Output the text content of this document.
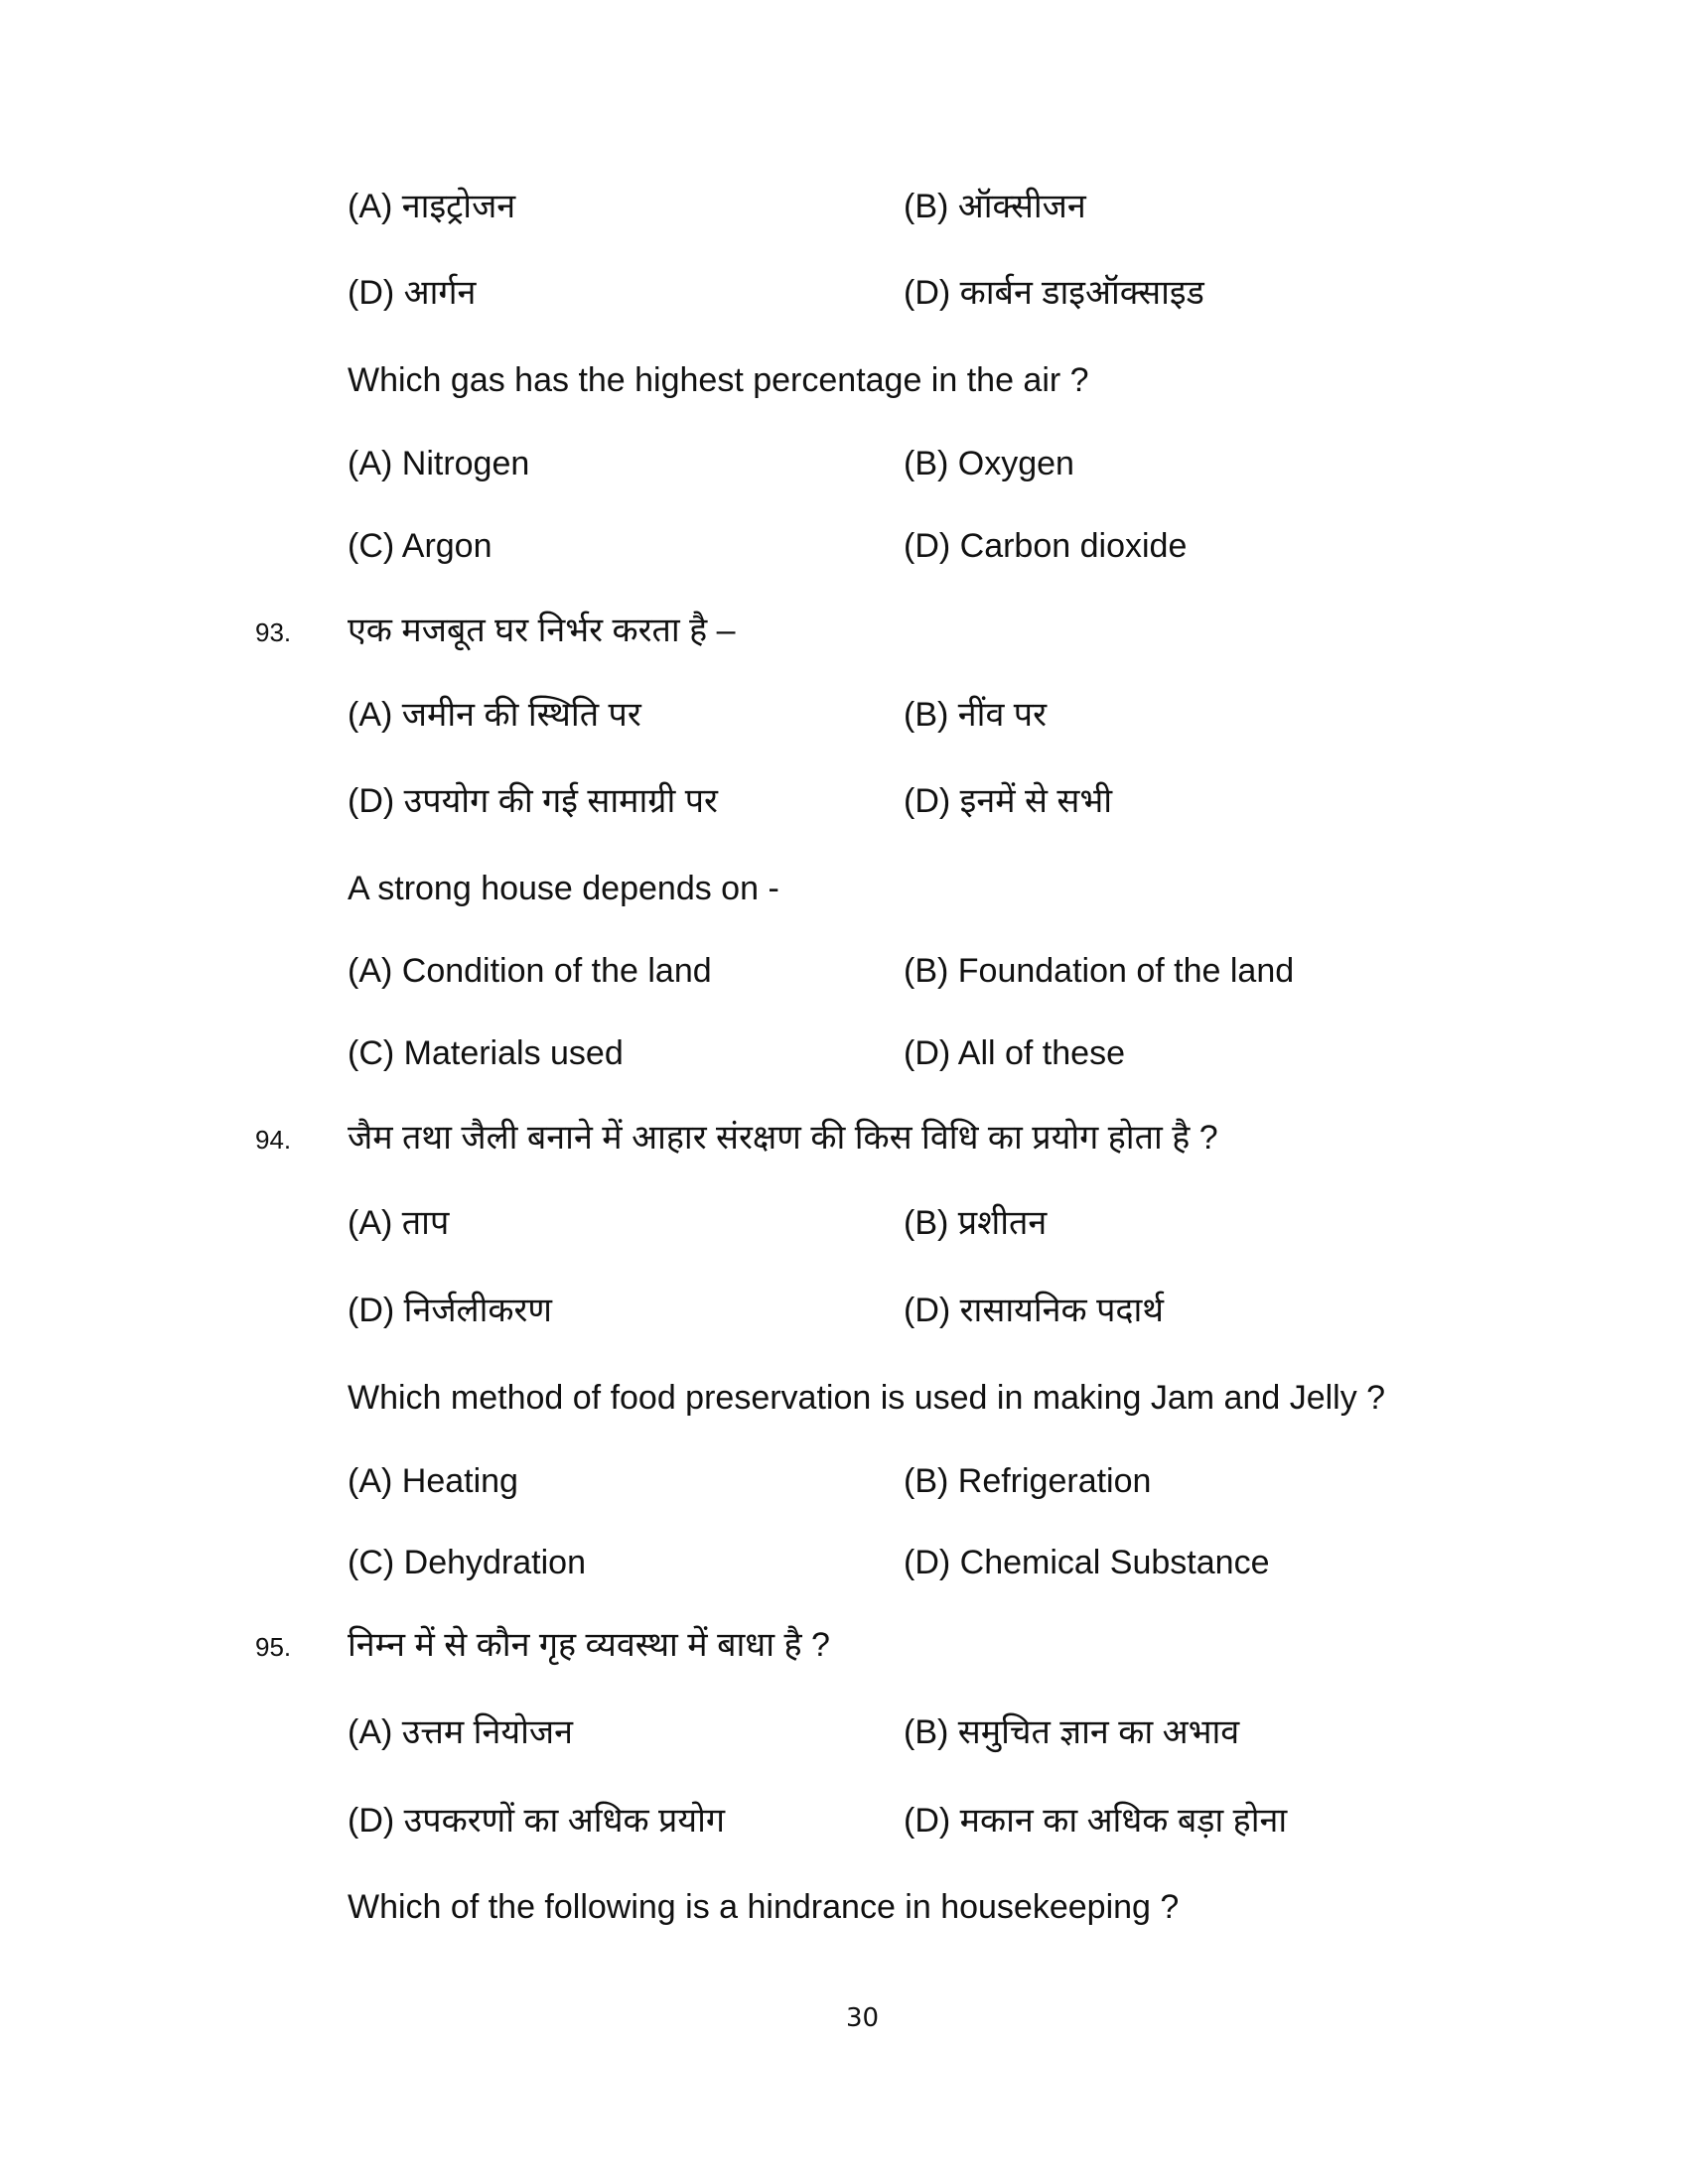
(A) नाइट्रोजन	(B) ऑक्सीजन
(D) आर्गन	(D) कार्बन डाइऑक्साइड
Which gas has the highest percentage in the air ?
(A) Nitrogen	(B) Oxygen
(C) Argon	(D) Carbon dioxide
93. एक मजबूत घर निर्भर करता है –
(A) जमीन की स्थिति पर	(B) नींव पर
(D) उपयोग की गई सामाग्री पर	(D) इनमें से सभी
A strong house depends on -
(A) Condition of the land	(B) Foundation of the land
(C) Materials used	(D) All of these
94. जैम तथा जैली बनाने में आहार संरक्षण की किस विधि का प्रयोग होता है ?
(A) ताप	(B) प्रशीतन
(D) निर्जलीकरण	(D) रासायनिक पदार्थ
Which method of food preservation is used in making Jam and Jelly ?
(A) Heating	(B) Refrigeration
(C) Dehydration	(D) Chemical Substance
95. निम्न में से कौन गृह व्यवस्था में बाधा है ?
(A) उत्तम नियोजन	(B) समुचित ज्ञान का अभाव
(D) उपकरणों का अधिक प्रयोग	(D) मकान का अधिक बड़ा होना
Which of the following is a hindrance in housekeeping ?
30
